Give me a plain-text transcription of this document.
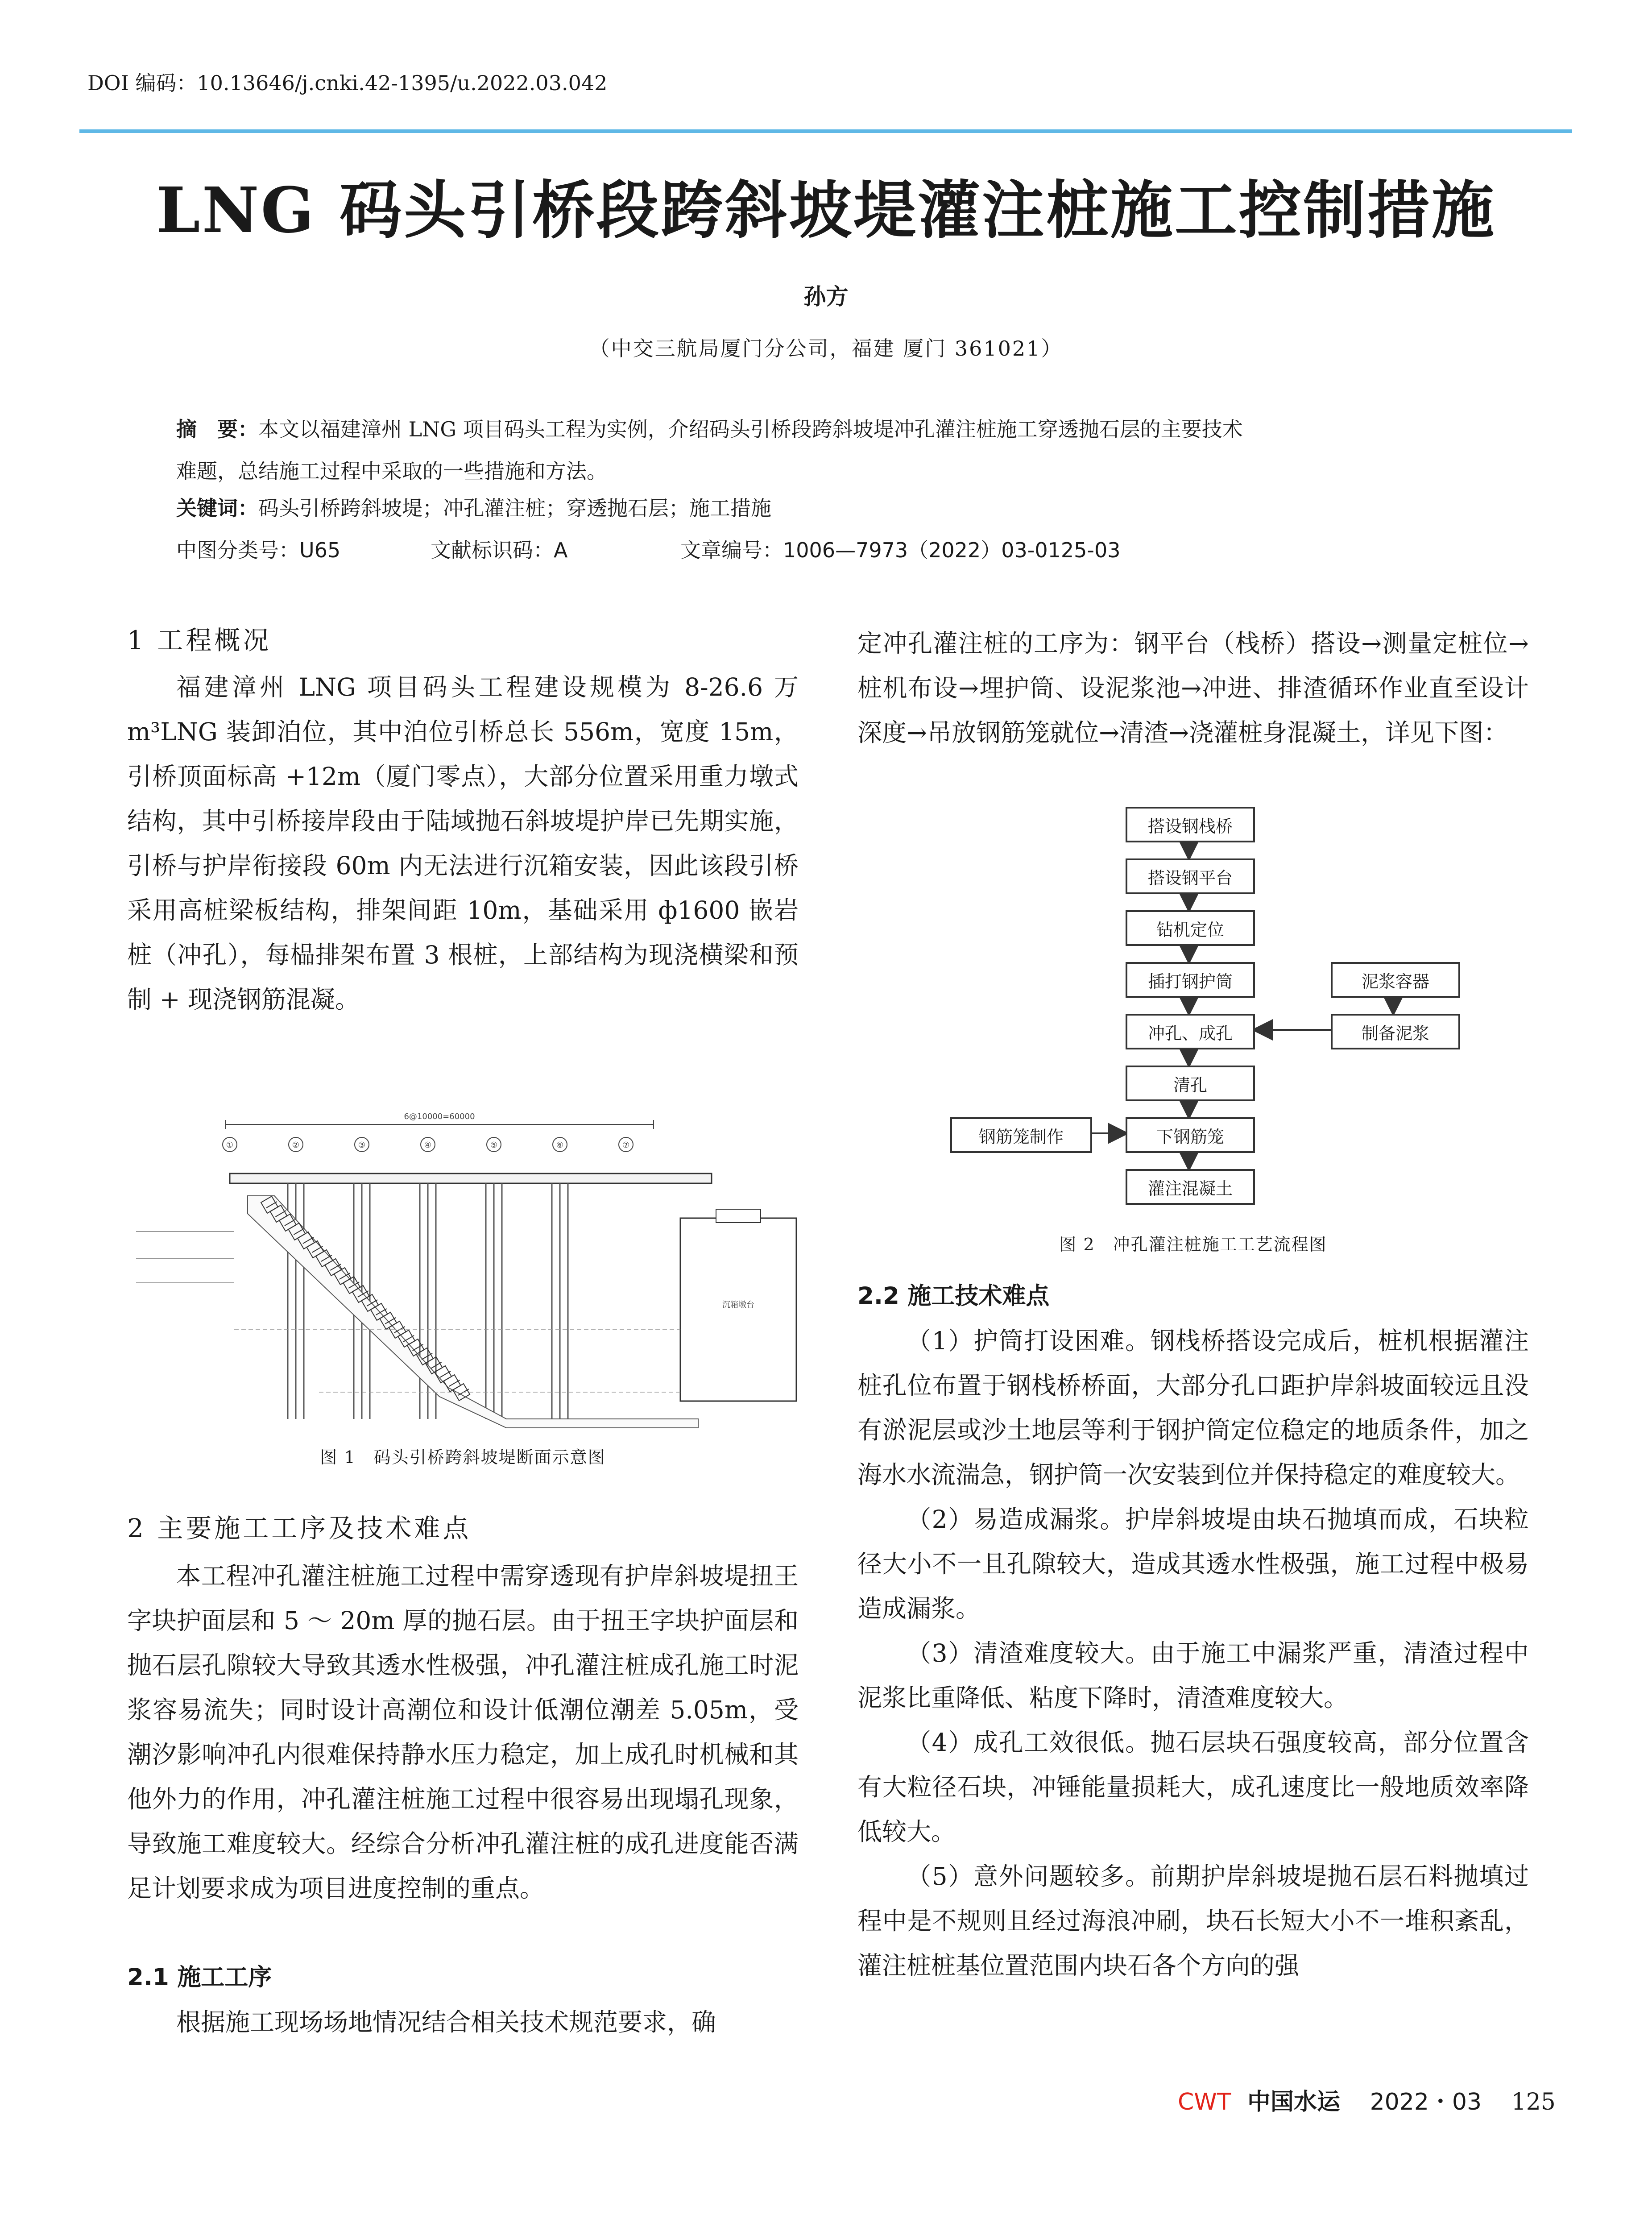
DOI 编码：10.13646/j.cnki.42-1395/u.2022.03.042
LNG 码头引桥段跨斜坡堤灌注桩施工控制措施
孙方
（中交三航局厦门分公司，福建 厦门 361021）
摘　要：本文以福建漳州 LNG 项目码头工程为实例，介绍码头引桥段跨斜坡堤冲孔灌注桩施工穿透抛石层的主要技术
难题，总结施工过程中采取的一些措施和方法。
关键词：码头引桥跨斜坡堤；冲孔灌注桩；穿透抛石层；施工措施
中图分类号：U65	文献标识码：A	文章编号：1006—7973（2022）03-0125-03
1 工程概况

福建漳州 LNG 项目码头工程建设规模为 8-26.6 万 m³LNG 装卸泊位，其中泊位引桥总长 556m，宽度 15m，引桥顶面标高 +12m（厦门零点），大部分位置采用重力墩式结构，其中引桥接岸段由于陆域抛石斜坡堤护岸已先期实施，引桥与护岸衔接段 60m 内无法进行沉箱安装，因此该段引桥采用高桩梁板结构，排架间距 10m，基础采用 ф1600 嵌岩桩（冲孔），每榀排架布置 3 根桩，上部结构为现浇横梁和预制 + 现浇钢筋混凝。

6@10000=60000
①	②	③	④	⑤	⑥	⑦
沉箱墩台
图 1　码头引桥跨斜坡堤断面示意图
2 主要施工工序及技术难点

本工程冲孔灌注桩施工过程中需穿透现有护岸斜坡堤扭王字块护面层和 5 ～ 20m 厚的抛石层。由于扭王字块护面层和抛石层孔隙较大导致其透水性极强，冲孔灌注桩成孔施工时泥浆容易流失；同时设计高潮位和设计低潮位潮差 5.05m，受潮汐影响冲孔内很难保持静水压力稳定，加上成孔时机械和其他外力的作用，冲孔灌注桩施工过程中很容易出现塌孔现象，导致施工难度较大。经综合分析冲孔灌注桩的成孔进度能否满足计划要求成为项目进度控制的重点。

2.1 施工工序

根据施工现场场地情况结合相关技术规范要求，确

定冲孔灌注桩的工序为：钢平台（栈桥）搭设→测量定桩位→桩机布设→埋护筒、设泥浆池→冲进、排渣循环作业直至设计深度→吊放钢筋笼就位→清渣→浇灌桩身混凝土，详见下图：

搭设钢栈桥
搭设钢平台
钻机定位
插打钢护筒
冲孔、成孔
清孔
下钢筋笼
灌注混凝土
泥浆容器
制备泥浆
钢筋笼制作
图 2　冲孔灌注桩施工工艺流程图
2.2 施工技术难点

（1）护筒打设困难。钢栈桥搭设完成后，桩机根据灌注桩孔位布置于钢栈桥桥面，大部分孔口距护岸斜坡面较远且没有淤泥层或沙土地层等利于钢护筒定位稳定的地质条件，加之海水水流湍急，钢护筒一次安装到位并保持稳定的难度较大。

（2）易造成漏浆。护岸斜坡堤由块石抛填而成，石块粒径大小不一且孔隙较大，造成其透水性极强，施工过程中极易造成漏浆。

（3）清渣难度较大。由于施工中漏浆严重，清渣过程中泥浆比重降低、粘度下降时，清渣难度较大。

（4）成孔工效很低。抛石层块石强度较高，部分位置含有大粒径石块，冲锤能量损耗大，成孔速度比一般地质效率降低较大。

（5）意外问题较多。前期护岸斜坡堤抛石层石料抛填过程中是不规则且经过海浪冲刷，块石长短大小不一堆积紊乱，灌注桩桩基位置范围内块石各个方向的强

CWT 中国水运 2022・03 125
